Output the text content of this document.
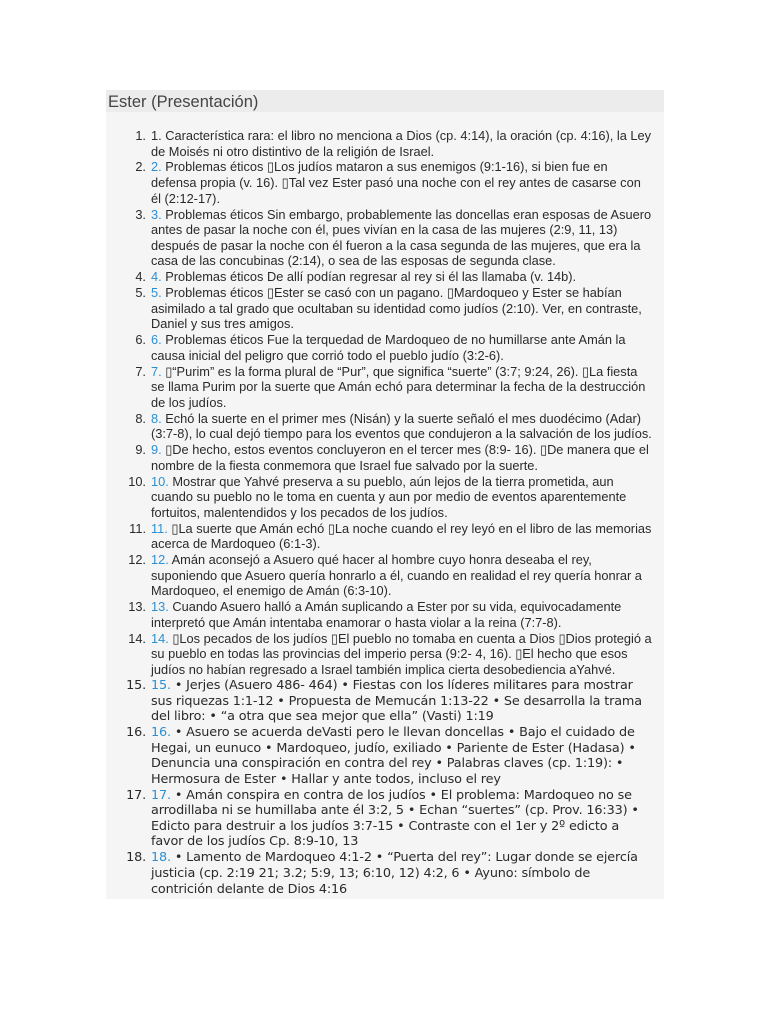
Ester (Presentación)
1. 1. Característica rara: el libro no menciona a Dios (cp. 4:14), la oración (cp. 4:16), la Ley de Moisés ni otro distintivo de la religión de Israel.
2. 2. Problemas éticos ▯Los judíos mataron a sus enemigos (9:1-16), si bien fue en defensa propia (v. 16). ▯Tal vez Ester pasó una noche con el rey antes de casarse con él (2:12-17).
3. 3. Problemas éticos Sin embargo, probablemente las doncellas eran esposas de Asuero antes de pasar la noche con él, pues vivían en la casa de las mujeres (2:9, 11, 13) después de pasar la noche con él fueron a la casa segunda de las mujeres, que era la casa de las concubinas (2:14), o sea de las esposas de segunda clase.
4. 4. Problemas éticos De allí podían regresar al rey si él las llamaba (v. 14b).
5. 5. Problemas éticos ▯Ester se casó con un pagano. ▯Mardoqueo y Ester se habían asimilado a tal grado que ocultaban su identidad como judíos (2:10). Ver, en contraste, Daniel y sus tres amigos.
6. 6. Problemas éticos Fue la terquedad de Mardoqueo de no humillarse ante Amán la causa inicial del peligro que corrió todo el pueblo judío (3:2-6).
7. 7. ▯“Purim” es la forma plural de “Pur”, que significa “suerte” (3:7; 9:24, 26). ▯La fiesta se llama Purim por la suerte que Amán echó para determinar la fecha de la destrucción de los judíos.
8. 8. Echó la suerte en el primer mes (Nisán) y la suerte señaló el mes duodécimo (Adar) (3:7-8), lo cual dejó tiempo para los eventos que condujeron a la salvación de los judíos.
9. 9. ▯De hecho, estos eventos concluyeron en el tercer mes (8:9- 16). ▯De manera que el nombre de la fiesta conmemora que Israel fue salvado por la suerte.
10. 10. Mostrar que Yahvé preserva a su pueblo, aún lejos de la tierra prometida, aun cuando su pueblo no le toma en cuenta y aun por medio de eventos aparentemente fortuitos, malentendidos y los pecados de los judíos.
11. 11. ▯La suerte que Amán echó ▯La noche cuando el rey leyó en el libro de las memorias acerca de Mardoqueo (6:1-3).
12. 12. Amán aconsejó a Asuero qué hacer al hombre cuyo honra deseaba el rey, suponiendo que Asuero quería honrarlo a él, cuando en realidad el rey quería honrar a Mardoqueo, el enemigo de Amán (6:3-10).
13. 13. Cuando Asuero halló a Amán suplicando a Ester por su vida, equivocadamente interpretó que Amán intentaba enamorar o hasta violar a la reina (7:7-8).
14. 14. ▯Los pecados de los judíos ▯El pueblo no tomaba en cuenta a Dios ▯Dios protegió a su pueblo en todas las provincias del imperio persa (9:2- 4, 16). ▯El hecho que esos judíos no habían regresado a Israel también implica cierta desobediencia aYahvé.
15. 15. • Jerjes (Asuero 486- 464) • Fiestas con los líderes militares para mostrar sus riquezas 1:1-12 • Propuesta de Memucán 1:13-22 • Se desarrolla la trama del libro: • “a otra que sea mejor que ella” (Vasti) 1:19
16. 16. • Asuero se acuerda deVasti pero le llevan doncellas • Bajo el cuidado de Hegai, un eunuco • Mardoqueo, judío, exiliado • Pariente de Ester (Hadasa) • Denuncia una conspiración en contra del rey • Palabras claves (cp. 1:19): • Hermosura de Ester • Hallar y ante todos, incluso el rey
17. 17. • Amán conspira en contra de los judíos • El problema: Mardoqueo no se arrodillaba ni se humillaba ante él 3:2, 5 • Echan “suertes” (cp. Prov. 16:33) • Edicto para destruir a los judíos 3:7-15 • Contraste con el 1er y 2º edicto a favor de los judíos Cp. 8:9-10, 13
18. 18. • Lamento de Mardoqueo 4:1-2 • “Puerta del rey”: Lugar donde se ejercía justicia (cp. 2:19 21; 3.2; 5:9, 13; 6:10, 12) 4:2, 6 • Ayuno: símbolo de contrición delante de Dios 4:16
